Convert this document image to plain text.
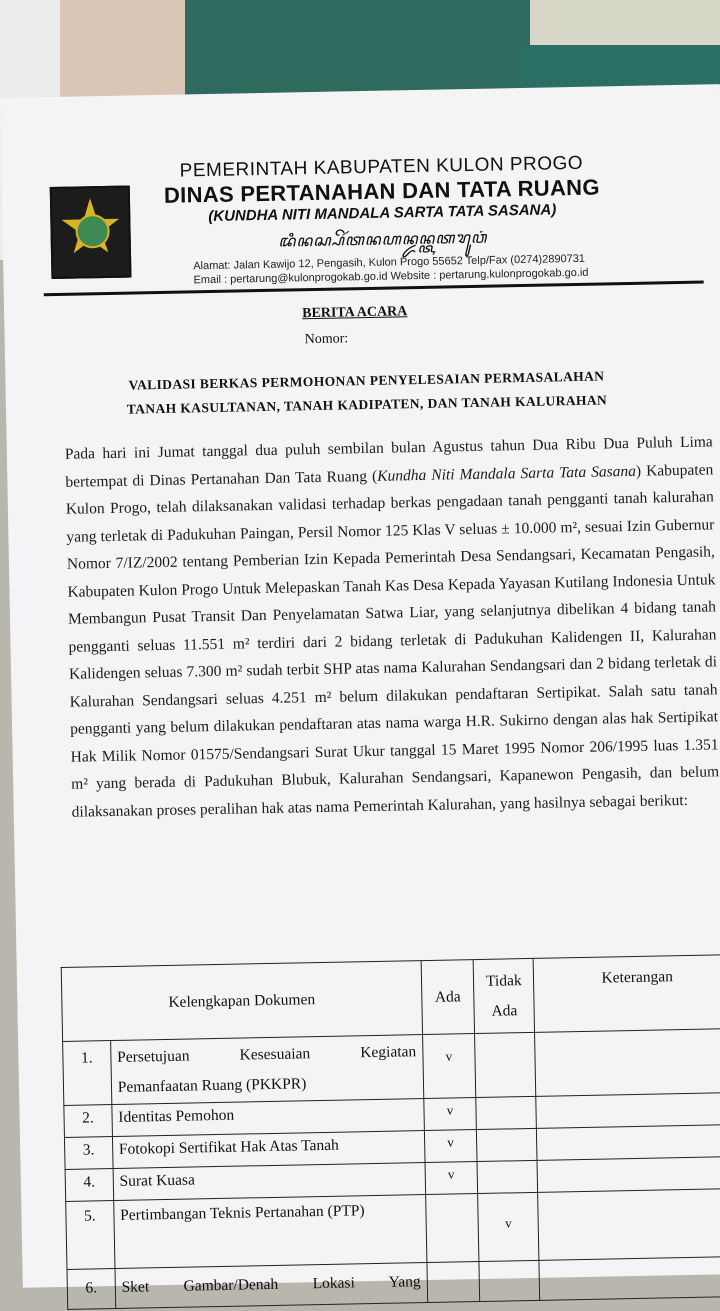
PEMERINTAH KABUPATEN KULON PROGO
DINAS PERTANAHAN DAN TATA RUANG
(KUNDHA NITI MANDALA SARTA TATA SASANA)
ꦢꦶꦤꦱ꧀ꦥꦼꦂꦠꦤꦲꦤ꧀ꦢꦤ꧀ꦠꦠꦫꦸꦮꦁ
Alamat: Jalan Kawijo 12, Pengasih, Kulon Progo 55652 Telp/Fax (0274)2890731
Email : pertarung@kulonprogokab.go.id Website : pertarung.kulonprogokab.go.id
BERITA ACARA
Nomor:
VALIDASI BERKAS PERMOHONAN PENYELESAIAN PERMASALAHAN
TANAH KASULTANAN, TANAH KADIPATEN, DAN TANAH KALURAHAN

Pada hari ini Jumat tanggal dua puluh sembilan bulan Agustus tahun Dua Ribu Dua Puluh Lima bertempat di Dinas Pertanahan Dan Tata Ruang (Kundha Niti Mandala Sarta Tata Sasana) Kabupaten Kulon Progo, telah dilaksanakan validasi terhadap berkas pengadaan tanah pengganti tanah kalurahan yang terletak di Padukuhan Paingan, Persil Nomor 125 Klas V seluas ± 10.000 m², sesuai Izin Gubernur Nomor 7/IZ/2002 tentang Pemberian Izin Kepada Pemerintah Desa Sendangsari, Kecamatan Pengasih, Kabupaten Kulon Progo Untuk Melepaskan Tanah Kas Desa Kepada Yayasan Kutilang Indonesia Untuk Membangun Pusat Transit Dan Penyelamatan Satwa Liar, yang selanjutnya dibelikan 4 bidang tanah pengganti seluas 11.551 m² terdiri dari 2 bidang terletak di Padukuhan Kalidengen II, Kalurahan Kalidengen seluas 7.300 m² sudah terbit SHP atas nama Kalurahan Sendangsari dan 2 bidang terletak di Kalurahan Sendangsari seluas 4.251 m² belum dilakukan pendaftaran Sertipikat. Salah satu tanah pengganti yang belum dilakukan pendaftaran atas nama warga H.R. Sukirno dengan alas hak Sertipikat Hak Milik Nomor 01575/Sendangsari Surat Ukur tanggal 15 Maret 1995 Nomor 206/1995 luas 1.351 m² yang berada di Padukuhan Blubuk, Kalurahan Sendangsari, Kapanewon Pengasih, dan belum dilaksanakan proses peralihan hak atas nama Pemerintah Kalurahan, yang hasilnya sebagai berikut:

Kelengkapan Dokumen		Ada	Tidak
Ada	Keterangan
1.	Persetujuan Kesesuaian Kegiatan
Pemanfaatan Ruang (PKKPR)	v		
2.	Identitas Pemohon	v		
3.	Fotokopi Sertifikat Hak Atas Tanah	v		
4.	Surat Kuasa	v		
5.	Pertimbangan Teknis Pertanahan (PTP)		v	
6.	Sket Gambar/Denah Lokasi Yang			
